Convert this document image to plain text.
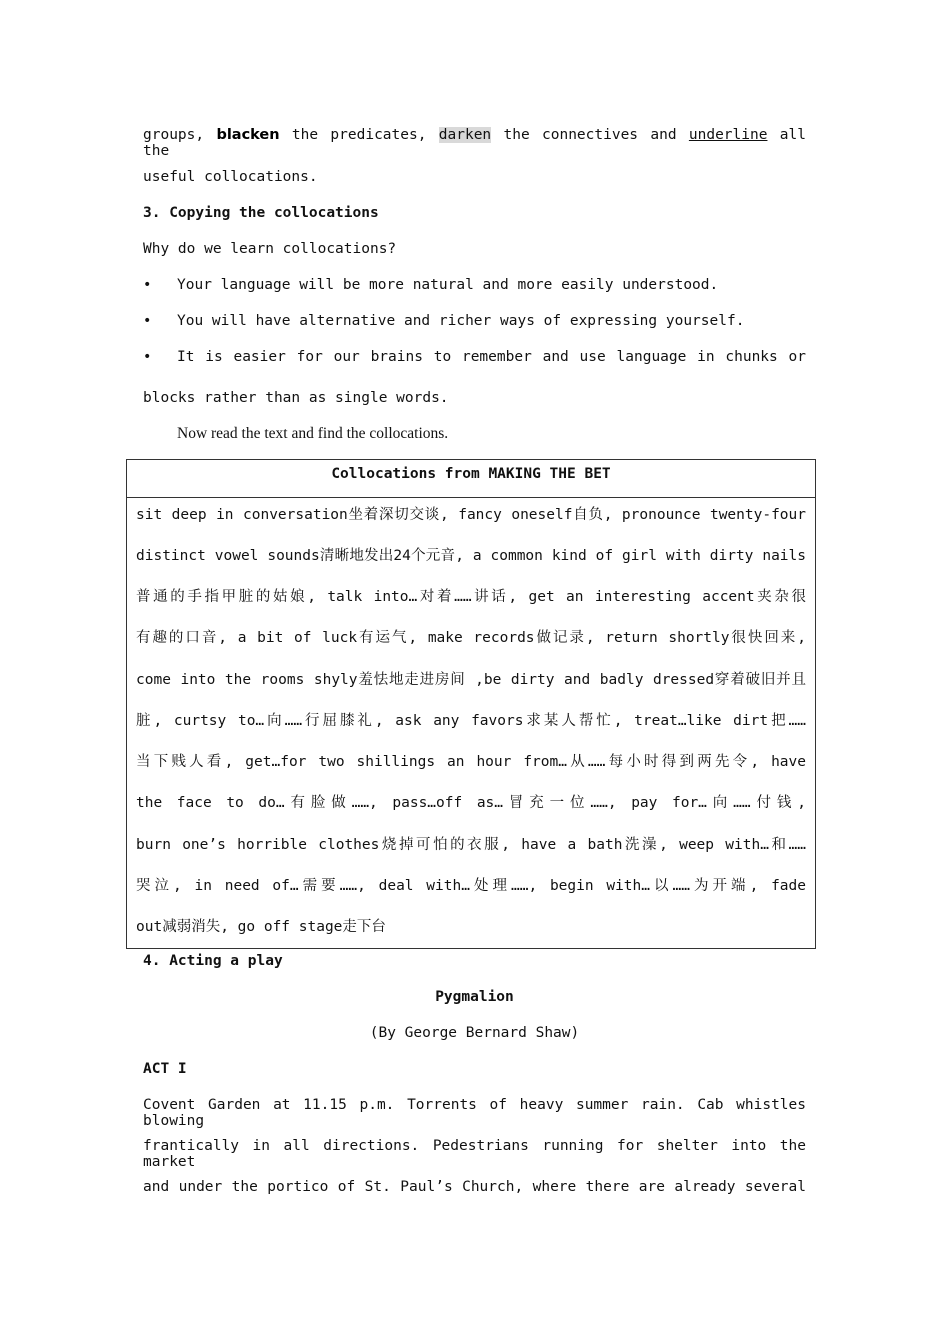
groups, blacken the predicates, darken the connectives and underline all the
useful collocations.
3. Copying the collocations
Why do we learn collocations?
• Your language will be more natural and more easily understood.
• You will have alternative and richer ways of expressing yourself.
• It is easier for our brains to remember and use language in chunks or
blocks rather than as single words.
Now read the text and find the collocations.
Collocations from MAKING THE BET
sit deep in conversation坐着深切交谈, fancy oneself自负, pronounce twenty-four
distinct vowel sounds清晰地发出24个元音, a common kind of girl with dirty nails
普通的手指甲脏的姑娘, talk into…对着……讲话, get an interesting accent夹杂很
有趣的口音, a bit of luck有运气, make records做记录, return shortly很快回来,
come into the rooms shyly羞怯地走进房间 ,be dirty and badly dressed穿着破旧并且
脏, curtsy to…向……行屈膝礼, ask any favors求某人帮忙, treat…like dirt把……
当下贱人看, get…for two shillings an hour from…从……每小时得到两先令, have
the face to do…有脸做……, pass…off as…冒充一位……, pay for…向……付钱,
burn one’s horrible clothes烧掉可怕的衣服, have a bath洗澡, weep with…和……
哭泣, in need of…需要……, deal with…处理……, begin with…以……为开端, fade
out减弱消失, go off stage走下台
4. Acting a play
Pygmalion
(By George Bernard Shaw)
ACT I
Covent Garden at 11.15 p.m. Torrents of heavy summer rain. Cab whistles blowing
frantically in all directions. Pedestrians running for shelter into the market
and under the portico of St. Paul’s Church, where there are already several
